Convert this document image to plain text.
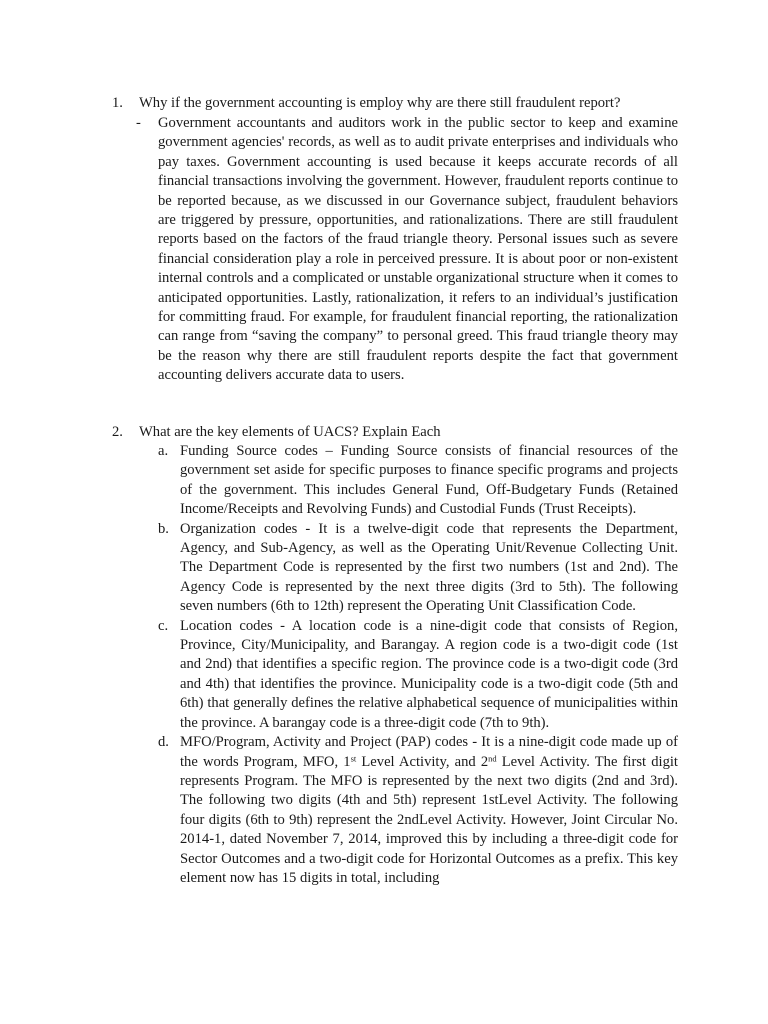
1. Why if the government accounting is employ why are there still fraudulent report?
- Government accountants and auditors work in the public sector to keep and examine government agencies' records, as well as to audit private enterprises and individuals who pay taxes. Government accounting is used because it keeps accurate records of all financial transactions involving the government. However, fraudulent reports continue to be reported because, as we discussed in our Governance subject, fraudulent behaviors are triggered by pressure, opportunities, and rationalizations. There are still fraudulent reports based on the factors of the fraud triangle theory. Personal issues such as severe financial consideration play a role in perceived pressure. It is about poor or non-existent internal controls and a complicated or unstable organizational structure when it comes to anticipated opportunities. Lastly, rationalization, it refers to an individual’s justification for committing fraud. For example, for fraudulent financial reporting, the rationalization can range from “saving the company” to personal greed. This fraud triangle theory may be the reason why there are still fraudulent reports despite the fact that government accounting delivers accurate data to users.

2. What are the key elements of UACS? Explain Each
a. Funding Source codes – Funding Source consists of financial resources of the government set aside for specific purposes to finance specific programs and projects of the government. This includes General Fund, Off-Budgetary Funds (Retained Income/Receipts and Revolving Funds) and Custodial Funds (Trust Receipts).
b. Organization codes - It is a twelve-digit code that represents the Department, Agency, and Sub-Agency, as well as the Operating Unit/Revenue Collecting Unit. The Department Code is represented by the first two numbers (1st and 2nd). The Agency Code is represented by the next three digits (3rd to 5th). The following seven numbers (6th to 12th) represent the Operating Unit Classification Code.
c. Location codes - A location code is a nine-digit code that consists of Region, Province, City/Municipality, and Barangay. A region code is a two-digit code (1st and 2nd) that identifies a specific region. The province code is a two-digit code (3rd and 4th) that identifies the province. Municipality code is a two-digit code (5th and 6th) that generally defines the relative alphabetical sequence of municipalities within the province. A barangay code is a three-digit code (7th to 9th).
d. MFO/Program, Activity and Project (PAP) codes - It is a nine-digit code made up of the words Program, MFO, 1st Level Activity, and 2nd Level Activity. The first digit represents Program. The MFO is represented by the next two digits (2nd and 3rd). The following two digits (4th and 5th) represent 1stLevel Activity. The following four digits (6th to 9th) represent the 2ndLevel Activity. However, Joint Circular No. 2014-1, dated November 7, 2014, improved this by including a three-digit code for Sector Outcomes and a two-digit code for Horizontal Outcomes as a prefix. This key element now has 15 digits in total, including
